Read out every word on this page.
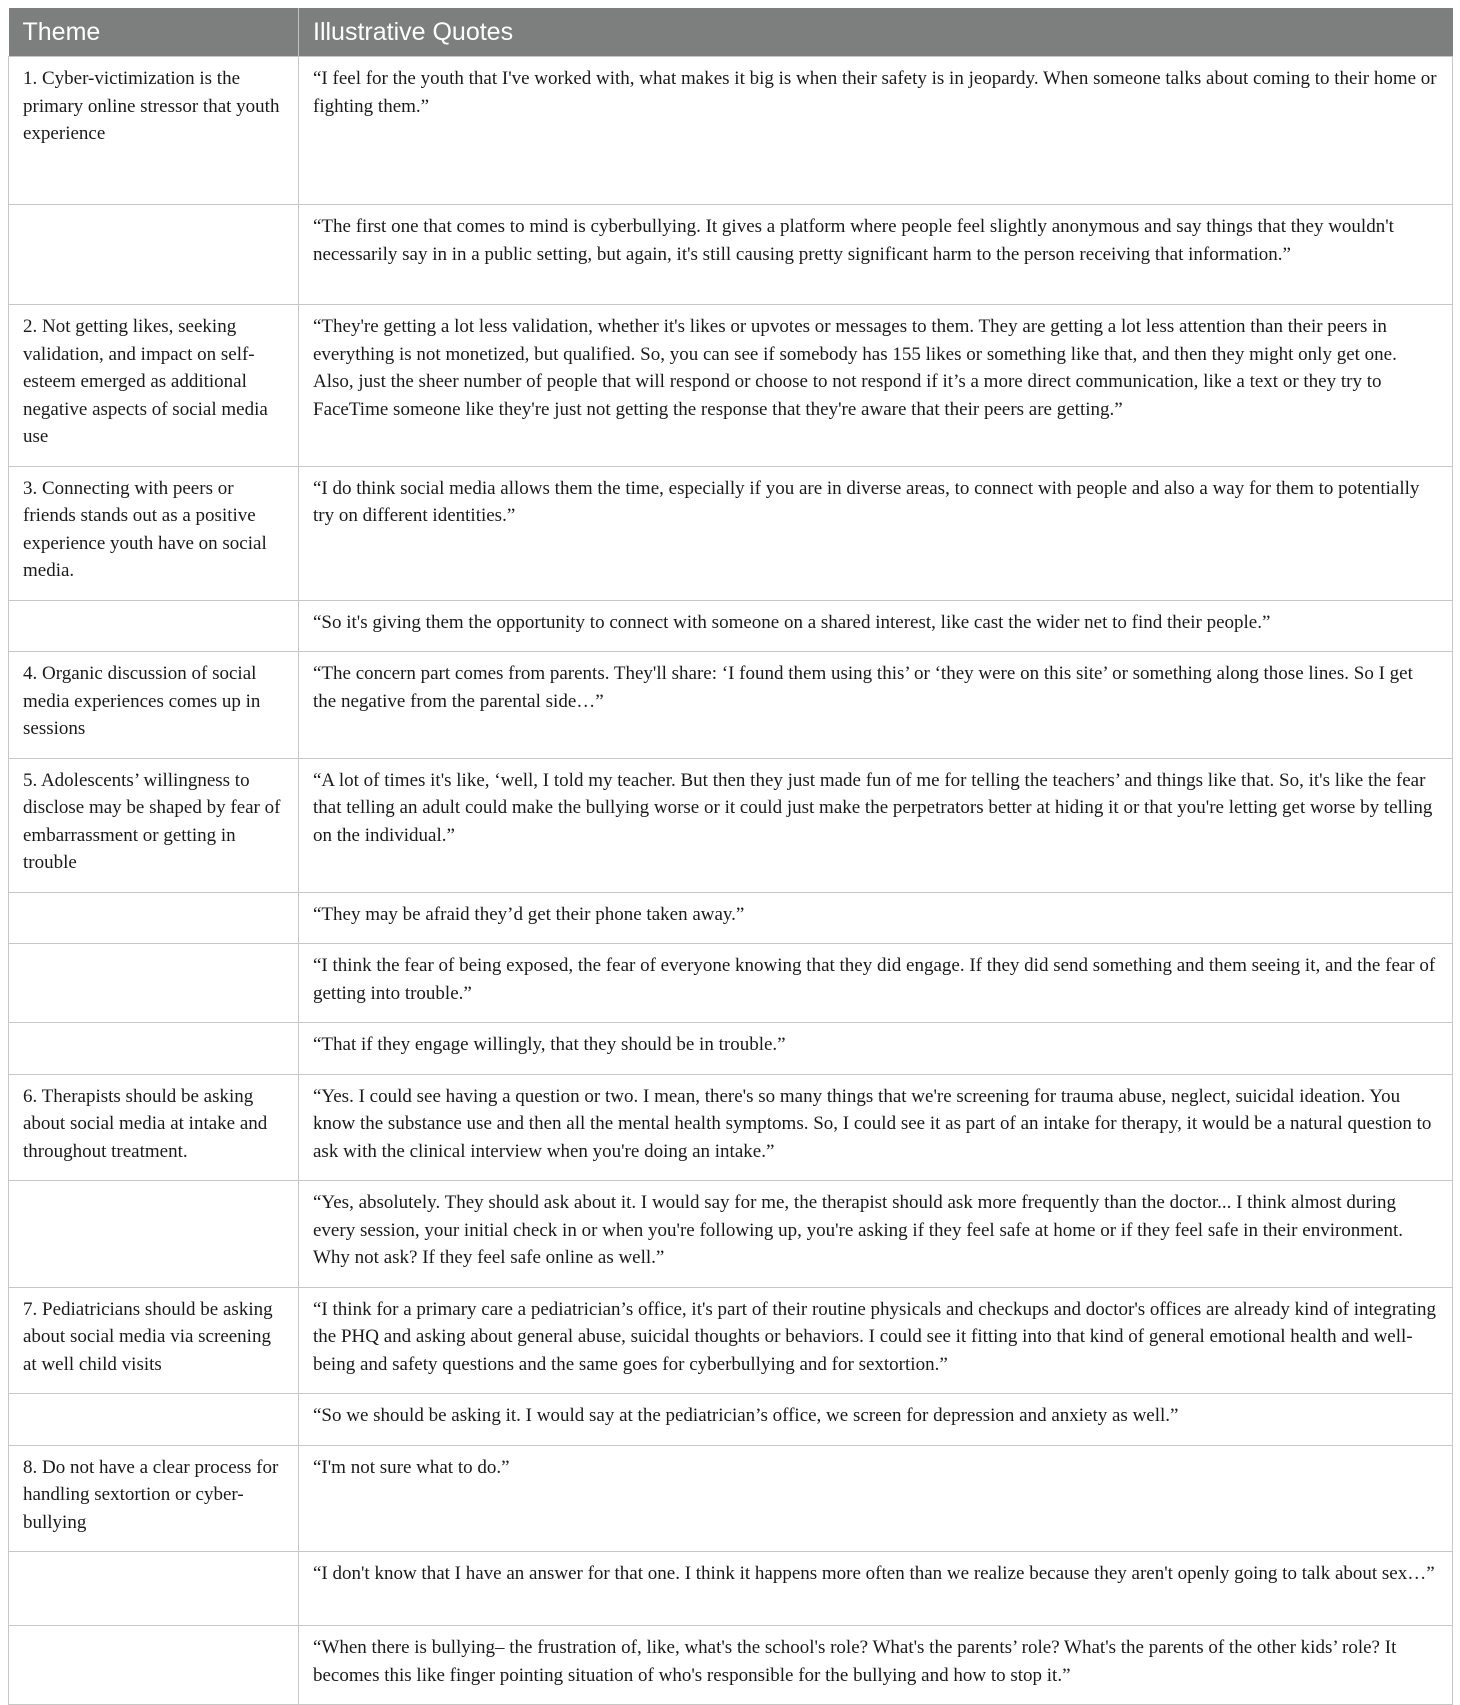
Theme	Illustrative Quotes
1. Cyber-victimization is the primary online stressor that youth experience	“I feel for the youth that I've worked with, what makes it big is when their safety is in jeopardy. When someone talks about coming to their home or fighting them.”
	“The first one that comes to mind is cyberbullying. It gives a platform where people feel slightly anonymous and say things that they wouldn't necessarily say in in a public setting, but again, it's still causing pretty significant harm to the person receiving that information.”
2. Not getting likes, seeking validation, and impact on self-esteem emerged as additional negative aspects of social media use	“They're getting a lot less validation, whether it's likes or upvotes or messages to them. They are getting a lot less attention than their peers in everything is not monetized, but qualified. So, you can see if somebody has 155 likes or something like that, and then they might only get one. Also, just the sheer number of people that will respond or choose to not respond if it’s a more direct communication, like a text or they try to FaceTime someone like they're just not getting the response that they're aware that their peers are getting.”
3. Connecting with peers or friends stands out as a positive experience youth have on social media.	“I do think social media allows them the time, especially if you are in diverse areas, to connect with people and also a way for them to potentially try on different identities.”
	“So it's giving them the opportunity to connect with someone on a shared interest, like cast the wider net to find their people.”
4. Organic discussion of social media experiences comes up in sessions	“The concern part comes from parents. They'll share: ‘I found them using this’ or ‘they were on this site’ or something along those lines. So I get the negative from the parental side…”
5. Adolescents’ willingness to disclose may be shaped by fear of embarrassment or getting in trouble	“A lot of times it's like, ‘well, I told my teacher. But then they just made fun of me for telling the teachers’ and things like that. So, it's like the fear that telling an adult could make the bullying worse or it could just make the perpetrators better at hiding it or that you're letting get worse by telling on the individual.”
	“They may be afraid they’d get their phone taken away.”
	“I think the fear of being exposed, the fear of everyone knowing that they did engage. If they did send something and them seeing it, and the fear of getting into trouble.”
	“That if they engage willingly, that they should be in trouble.”
6. Therapists should be asking about social media at intake and throughout treatment.	“Yes. I could see having a question or two. I mean, there's so many things that we're screening for trauma abuse, neglect, suicidal ideation. You know the substance use and then all the mental health symptoms. So, I could see it as part of an intake for therapy, it would be a natural question to ask with the clinical interview when you're doing an intake.”
	“Yes, absolutely. They should ask about it. I would say for me, the therapist should ask more frequently than the doctor... I think almost during every session, your initial check in or when you're following up, you're asking if they feel safe at home or if they feel safe in their environment. Why not ask? If they feel safe online as well.”
7. Pediatricians should be asking about social media via screening at well child visits	“I think for a primary care a pediatrician’s office, it's part of their routine physicals and checkups and doctor's offices are already kind of integrating the PHQ and asking about general abuse, suicidal thoughts or behaviors. I could see it fitting into that kind of general emotional health and well-being and safety questions and the same goes for cyberbullying and for sextortion.”
	“So we should be asking it. I would say at the pediatrician’s office, we screen for depression and anxiety as well.”
8. Do not have a clear process for handling sextortion or cyber-bullying	“I'm not sure what to do.”
	“I don't know that I have an answer for that one. I think it happens more often than we realize because they aren't openly going to talk about sex…”
	“When there is bullying– the frustration of, like, what's the school's role? What's the parents’ role? What's the parents of the other kids’ role? It becomes this like finger pointing situation of who's responsible for the bullying and how to stop it.”
